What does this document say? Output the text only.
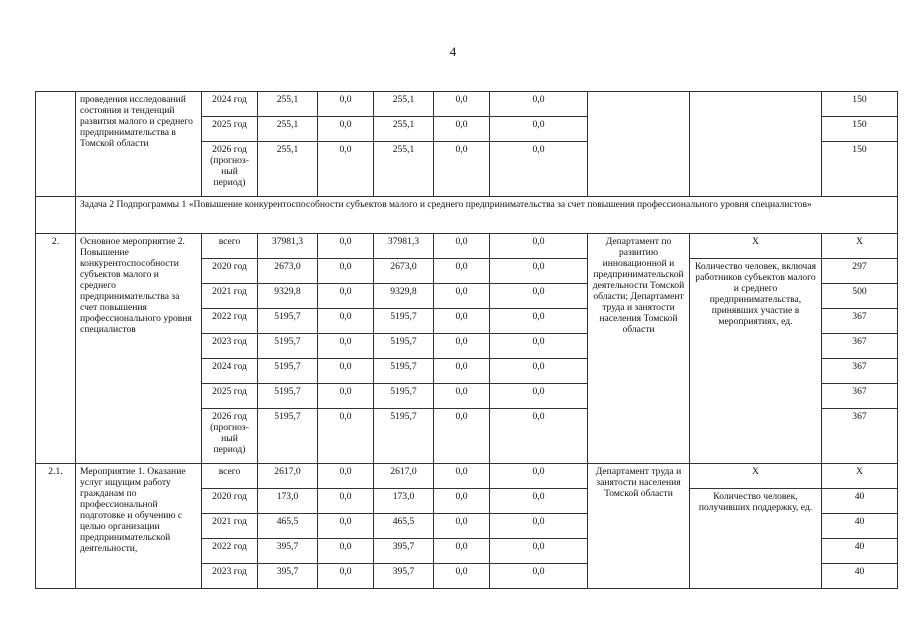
4
	проведения исследований состояния и тенденций развития малого и среднего предпринимательства в Томской области	2024 год	255,1	0,0	255,1	0,0	0,0			150
		2025 год	255,1	0,0	255,1	0,0	0,0			150
		2026 год (прогноз-ный период)	255,1	0,0	255,1	0,0	0,0			150
	Задача 2 Подпрограммы 1 «Повышение конкурентоспособности субъектов малого и среднего предпринимательства за счет повышения профессионального уровня специалистов»									
2.	Основное мероприятие 2. Повышение конкурентоспособности субъектов малого и среднего предпринимательства за счет повышения профессионального уровня специалистов	всего	37981,3	0,0	37981,3	0,0	0,0	Департамент по развитию инновационной и предпринимательской деятельности Томской области; Департамент труда и занятости населения Томской области	Х	Х
		2020 год	2673,0	0,0	2673,0	0,0	0,0		Количество человек, включая работников субъектов малого и среднего предпринимательства, принявших участие в мероприятиях, ед.	297
		2021 год	9329,8	0,0	9329,8	0,0	0,0			500
		2022 год	5195,7	0,0	5195,7	0,0	0,0			367
		2023 год	5195,7	0,0	5195,7	0,0	0,0			367
		2024 год	5195,7	0,0	5195,7	0,0	0,0			367
		2025 год	5195,7	0,0	5195,7	0,0	0,0			367
		2026 год (прогноз-ный период)	5195,7	0,0	5195,7	0,0	0,0			367
2.1.	Мероприятие 1. Оказание услуг ищущим работу гражданам по профессиональной подготовке и обучению с целью организации предпринимательской деятельности,	всего	2617,0	0,0	2617,0	0,0	0,0	Департамент труда и занятости населения Томской области	Х	Х
		2020 год	173,0	0,0	173,0	0,0	0,0		Количество человек, получивших поддержку, ед.	40
		2021 год	465,5	0,0	465,5	0,0	0,0			40
		2022 год	395,7	0,0	395,7	0,0	0,0			40
		2023 год	395,7	0,0	395,7	0,0	0,0			40
